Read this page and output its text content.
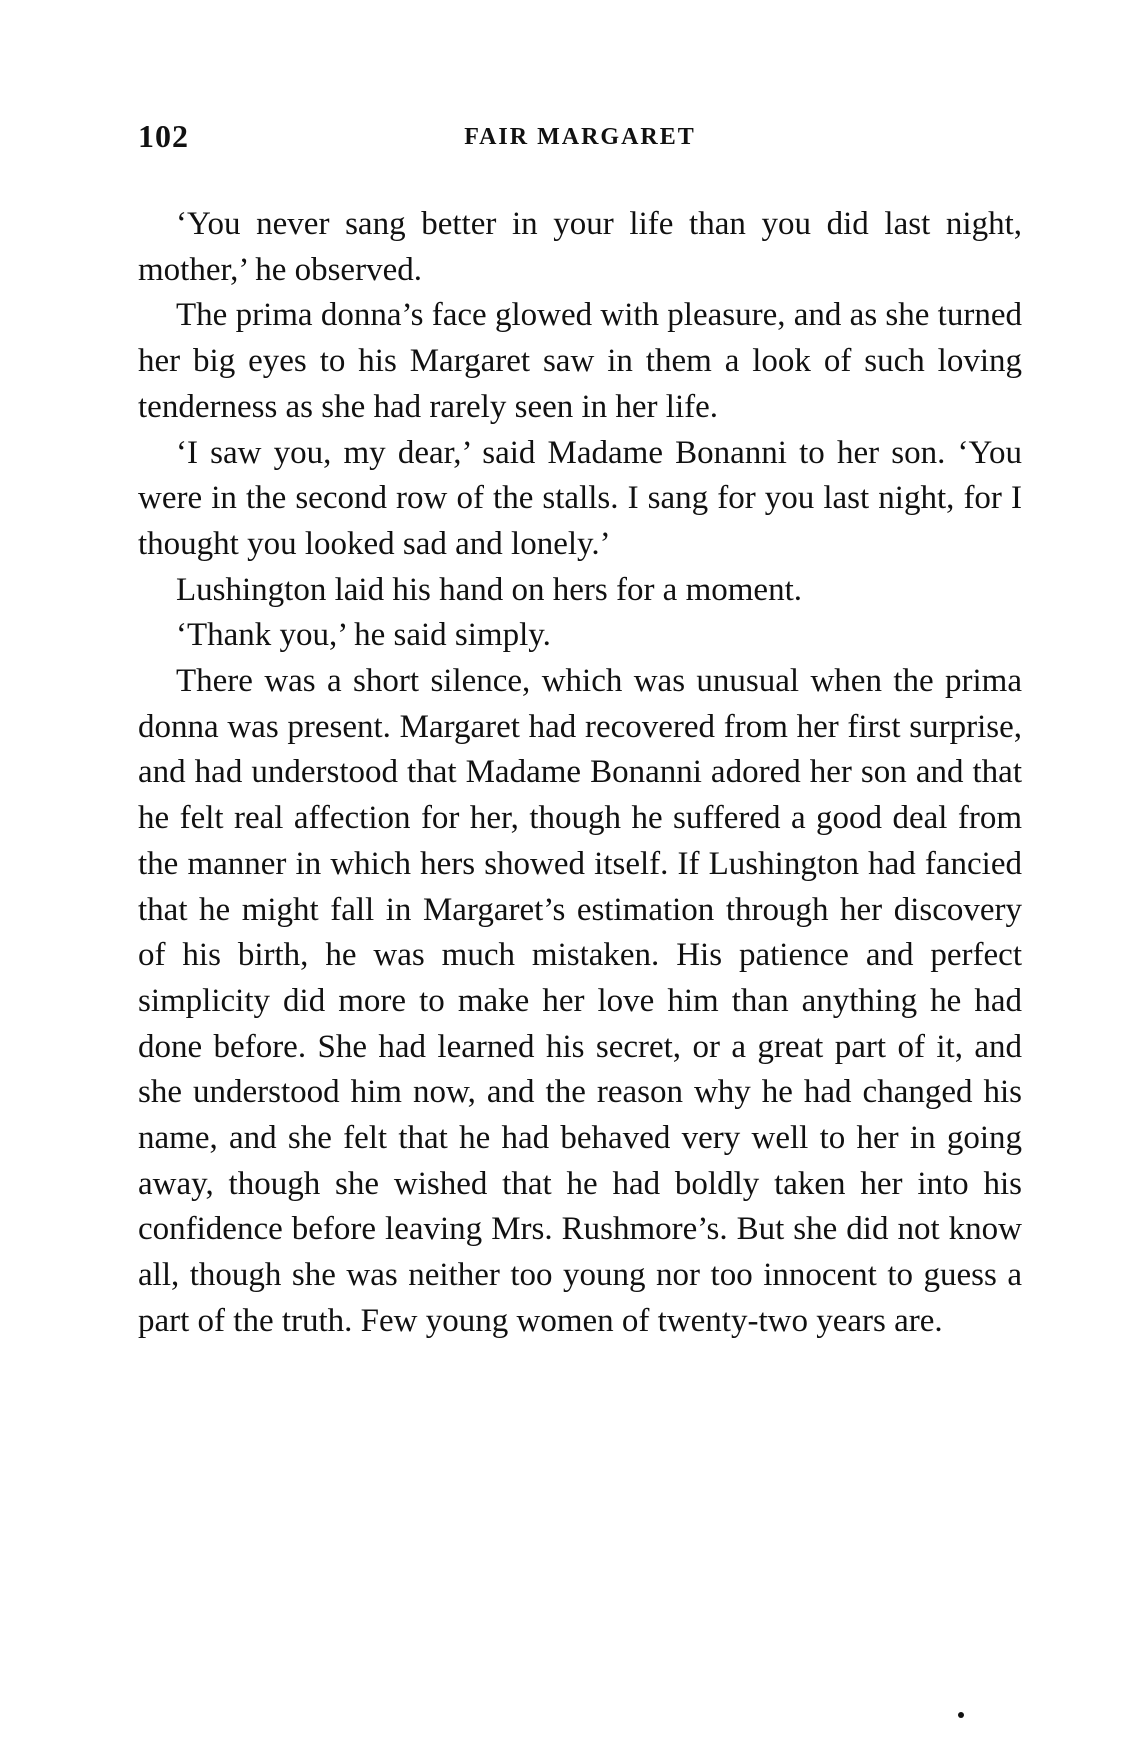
102	FAIR MARGARET

‘You never sang better in your life than you did last night, mother,’ he observed.

The prima donna’s face glowed with pleasure, and as she turned her big eyes to his Margaret saw in them a look of such loving tenderness as she had rarely seen in her life.

‘I saw you, my dear,’ said Madame Bonanni to her son. ‘You were in the second row of the stalls. I sang for you last night, for I thought you looked sad and lonely.’

Lushington laid his hand on hers for a moment.

‘Thank you,’ he said simply.

There was a short silence, which was unusual when the prima donna was present. Margaret had recovered from her first surprise, and had understood that Madame Bonanni adored her son and that he felt real affection for her, though he suffered a good deal from the manner in which hers showed itself. If Lushington had fancied that he might fall in Margaret’s estimation through her discovery of his birth, he was much mistaken. His patience and perfect simplicity did more to make her love him than anything he had done before. She had learned his secret, or a great part of it, and she understood him now, and the reason why he had changed his name, and she felt that he had behaved very well to her in going away, though she wished that he had boldly taken her into his confidence before leaving Mrs. Rushmore’s. But she did not know all, though she was neither too young nor too innocent to guess a part of the truth. Few young women of twenty-two years are.
